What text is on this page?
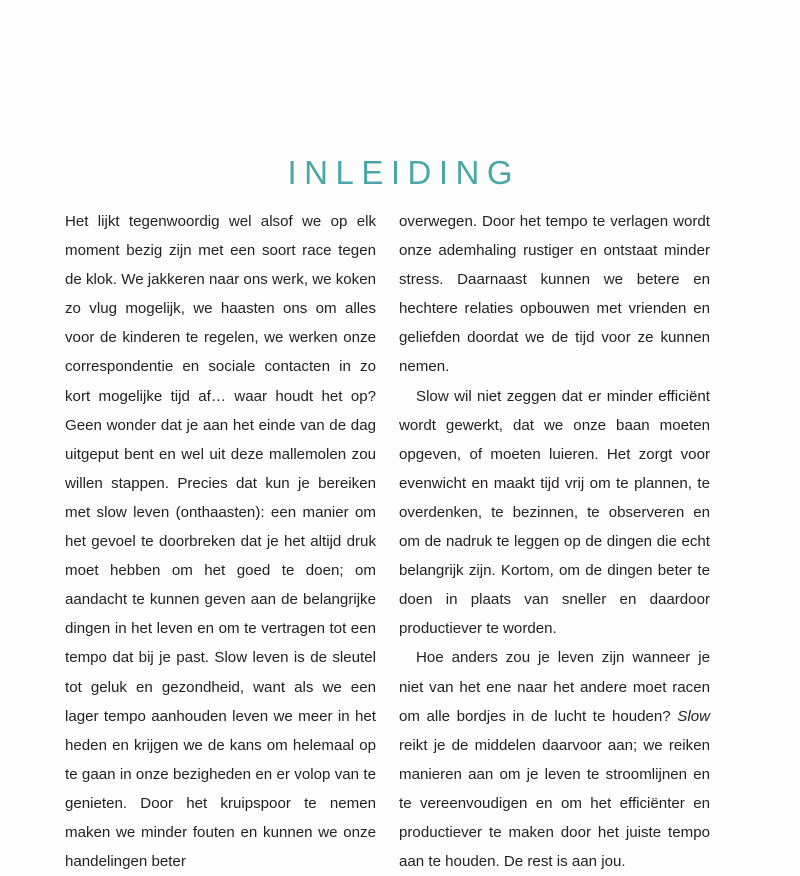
INLEIDING

Het lijkt tegenwoordig wel alsof we op elk moment bezig zijn met een soort race tegen de klok. We jakkeren naar ons werk, we koken zo vlug mogelijk, we haasten ons om alles voor de kinderen te regelen, we werken onze correspondentie en sociale contacten in zo kort mogelijke tijd af… waar houdt het op? Geen wonder dat je aan het einde van de dag uitgeput bent en wel uit deze mallemolen zou willen stappen. Precies dat kun je bereiken met slow leven (onthaasten): een manier om het gevoel te doorbreken dat je het altijd druk moet hebben om het goed te doen; om aandacht te kunnen geven aan de belangrijke dingen in het leven en om te vertragen tot een tempo dat bij je past. Slow leven is de sleutel tot geluk en gezondheid, want als we een lager tempo aanhouden leven we meer in het heden en krijgen we de kans om helemaal op te gaan in onze bezigheden en er volop van te genieten. Door het kruipspoor te nemen maken we minder fouten en kunnen we onze handelingen beter

overwegen. Door het tempo te verlagen wordt onze ademhaling rustiger en ontstaat minder stress. Daarnaast kunnen we betere en hechtere relaties opbouwen met vrienden en geliefden doordat we de tijd voor ze kunnen nemen.

Slow wil niet zeggen dat er minder efficiënt wordt gewerkt, dat we onze baan moeten opgeven, of moeten luieren. Het zorgt voor evenwicht en maakt tijd vrij om te plannen, te overdenken, te bezinnen, te observeren en om de nadruk te leggen op de dingen die echt belangrijk zijn. Kortom, om de dingen beter te doen in plaats van sneller en daardoor productiever te worden.

Hoe anders zou je leven zijn wanneer je niet van het ene naar het andere moet racen om alle bordjes in de lucht te houden? Slow reikt je de middelen daarvoor aan; we reiken manieren aan om je leven te stroomlijnen en te vereenvoudigen en om het efficiënter en productiever te maken door het juiste tempo aan te houden. De rest is aan jou.
